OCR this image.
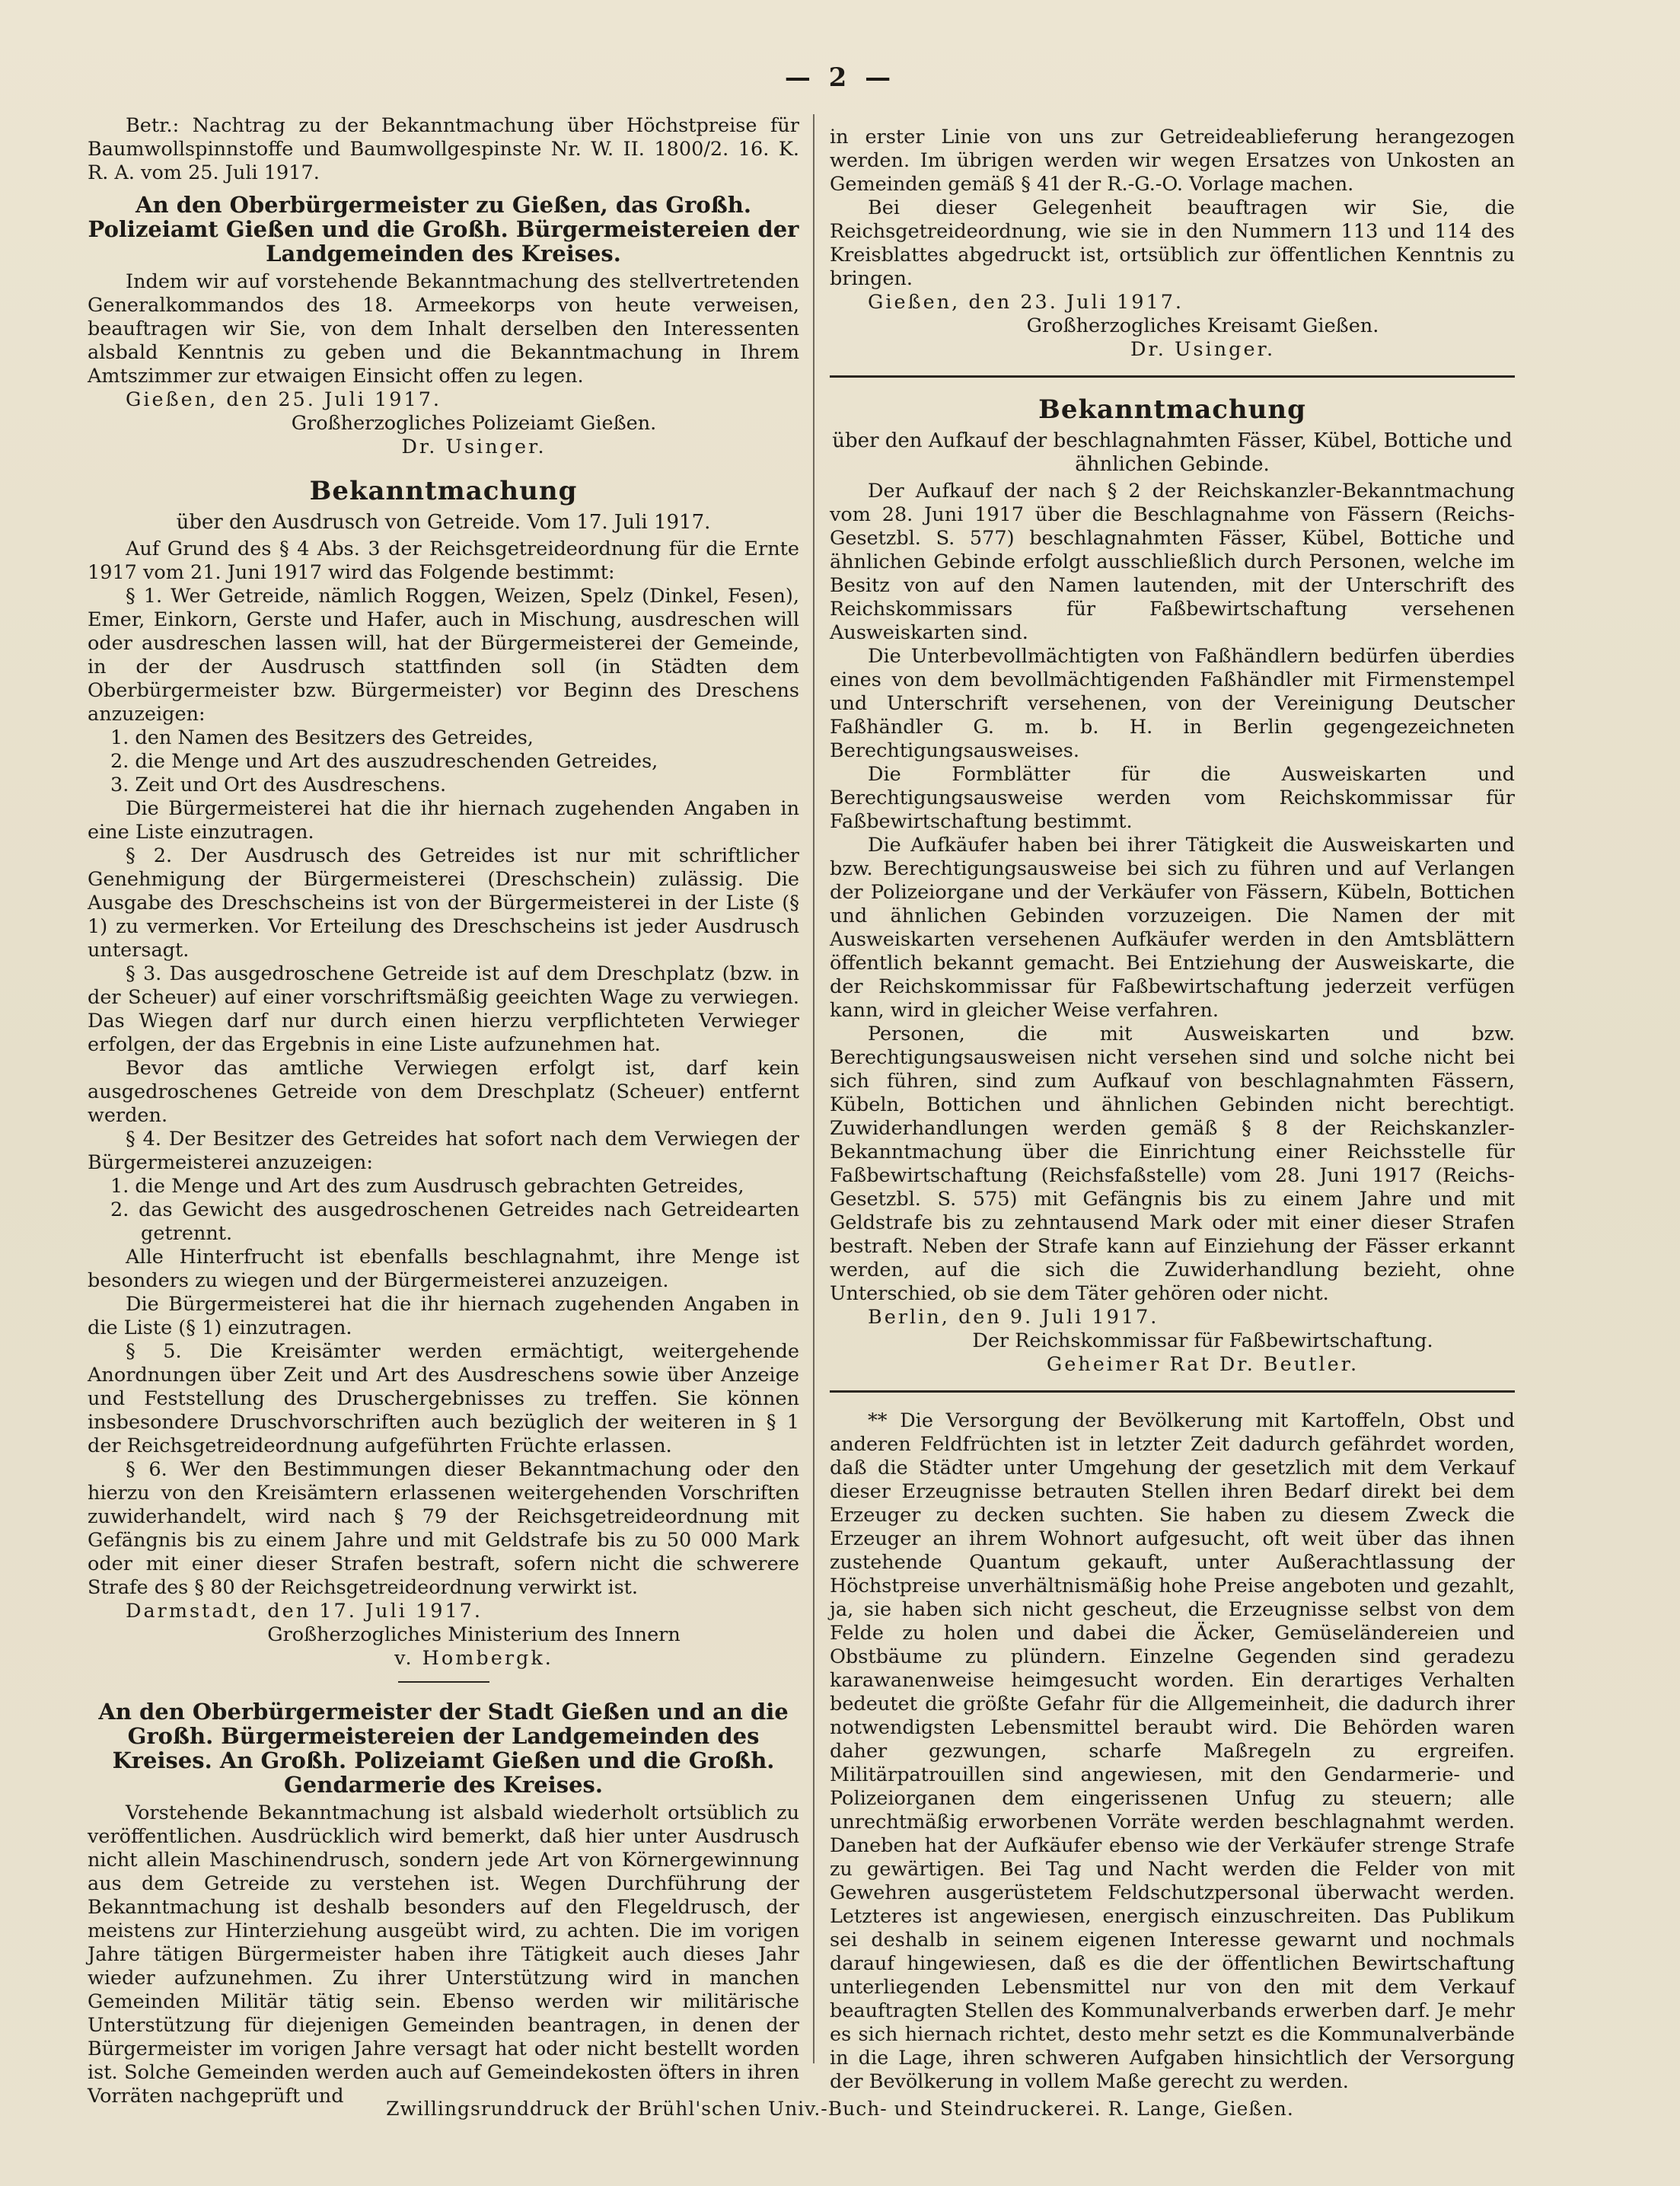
— 2 —

Betr.: Nachtrag zu der Bekanntmachung über Höchstpreise für Baumwollspinnstoffe und Baumwollgespinste Nr. W. II. 1800/2. 16. K. R. A. vom 25. Juli 1917.

An den Oberbürgermeister zu Gießen, das Großh. Polizeiamt Gießen und die Großh. Bürgermeistereien der Landgemeinden des Kreises.

Indem wir auf vorstehende Bekanntmachung des stellvertretenden Generalkommandos des 18. Armeekorps von heute verweisen, beauftragen wir Sie, von dem Inhalt derselben den Interessenten alsbald Kenntnis zu geben und die Bekanntmachung in Ihrem Amtszimmer zur etwaigen Einsicht offen zu legen.

Gießen, den 25. Juli 1917.

Großherzogliches Polizeiamt Gießen.

Dr. Usinger.

Bekanntmachung

über den Ausdrusch von Getreide. Vom 17. Juli 1917.

Auf Grund des § 4 Abs. 3 der Reichsgetreideordnung für die Ernte 1917 vom 21. Juni 1917 wird das Folgende bestimmt:

§ 1. Wer Getreide, nämlich Roggen, Weizen, Spelz (Dinkel, Fesen), Emer, Einkorn, Gerste und Hafer, auch in Mischung, ausdreschen will oder ausdreschen lassen will, hat der Bürgermeisterei der Gemeinde, in der der Ausdrusch stattfinden soll (in Städten dem Oberbürgermeister bzw. Bürgermeister) vor Beginn des Dreschens anzuzeigen:

1. den Namen des Besitzers des Getreides,

2. die Menge und Art des auszudreschenden Getreides,

3. Zeit und Ort des Ausdreschens.

Die Bürgermeisterei hat die ihr hiernach zugehenden Angaben in eine Liste einzutragen.

§ 2. Der Ausdrusch des Getreides ist nur mit schriftlicher Genehmigung der Bürgermeisterei (Dreschschein) zulässig. Die Ausgabe des Dreschscheins ist von der Bürgermeisterei in der Liste (§ 1) zu vermerken. Vor Erteilung des Dreschscheins ist jeder Ausdrusch untersagt.

§ 3. Das ausgedroschene Getreide ist auf dem Dreschplatz (bzw. in der Scheuer) auf einer vorschriftsmäßig geeichten Wage zu verwiegen. Das Wiegen darf nur durch einen hierzu verpflichteten Verwieger erfolgen, der das Ergebnis in eine Liste aufzunehmen hat.

Bevor das amtliche Verwiegen erfolgt ist, darf kein ausgedroschenes Getreide von dem Dreschplatz (Scheuer) entfernt werden.

§ 4. Der Besitzer des Getreides hat sofort nach dem Verwiegen der Bürgermeisterei anzuzeigen:

1. die Menge und Art des zum Ausdrusch gebrachten Getreides,

2. das Gewicht des ausgedroschenen Getreides nach Getreidearten getrennt.

Alle Hinterfrucht ist ebenfalls beschlagnahmt, ihre Menge ist besonders zu wiegen und der Bürgermeisterei anzuzeigen.

Die Bürgermeisterei hat die ihr hiernach zugehenden Angaben in die Liste (§ 1) einzutragen.

§ 5. Die Kreisämter werden ermächtigt, weitergehende Anordnungen über Zeit und Art des Ausdreschens sowie über Anzeige und Feststellung des Druschergebnisses zu treffen. Sie können insbesondere Druschvorschriften auch bezüglich der weiteren in § 1 der Reichsgetreideordnung aufgeführten Früchte erlassen.

§ 6. Wer den Bestimmungen dieser Bekanntmachung oder den hierzu von den Kreisämtern erlassenen weitergehenden Vorschriften zuwiderhandelt, wird nach § 79 der Reichsgetreideordnung mit Gefängnis bis zu einem Jahre und mit Geldstrafe bis zu 50 000 Mark oder mit einer dieser Strafen bestraft, sofern nicht die schwerere Strafe des § 80 der Reichsgetreideordnung verwirkt ist.

Darmstadt, den 17. Juli 1917.

Großherzogliches Ministerium des Innern

v. Hombergk.

An den Oberbürgermeister der Stadt Gießen und an die Großh. Bürgermeistereien der Landgemeinden des Kreises. An Großh. Polizeiamt Gießen und die Großh. Gendarmerie des Kreises.

Vorstehende Bekanntmachung ist alsbald wiederholt ortsüblich zu veröffentlichen. Ausdrücklich wird bemerkt, daß hier unter Ausdrusch nicht allein Maschinendrusch, sondern jede Art von Körnergewinnung aus dem Getreide zu verstehen ist. Wegen Durchführung der Bekanntmachung ist deshalb besonders auf den Flegeldrusch, der meistens zur Hinterziehung ausgeübt wird, zu achten. Die im vorigen Jahre tätigen Bürgermeister haben ihre Tätigkeit auch dieses Jahr wieder aufzunehmen. Zu ihrer Unterstützung wird in manchen Gemeinden Militär tätig sein. Ebenso werden wir militärische Unterstützung für diejenigen Gemeinden beantragen, in denen der Bürgermeister im vorigen Jahre versagt hat oder nicht bestellt worden ist. Solche Gemeinden werden auch auf Gemeindekosten öfters in ihren Vorräten nachgeprüft und

in erster Linie von uns zur Getreideablieferung herangezogen werden. Im übrigen werden wir wegen Ersatzes von Unkosten an Gemeinden gemäß § 41 der R.-G.-O. Vorlage machen.

Bei dieser Gelegenheit beauftragen wir Sie, die Reichsgetreideordnung, wie sie in den Nummern 113 und 114 des Kreisblattes abgedruckt ist, ortsüblich zur öffentlichen Kenntnis zu bringen.

Gießen, den 23. Juli 1917.

Großherzogliches Kreisamt Gießen.

Dr. Usinger.

Bekanntmachung

über den Aufkauf der beschlagnahmten Fässer, Kübel, Bottiche und ähnlichen Gebinde.

Der Aufkauf der nach § 2 der Reichskanzler-Bekanntmachung vom 28. Juni 1917 über die Beschlagnahme von Fässern (Reichs-Gesetzbl. S. 577) beschlagnahmten Fässer, Kübel, Bottiche und ähnlichen Gebinde erfolgt ausschließlich durch Personen, welche im Besitz von auf den Namen lautenden, mit der Unterschrift des Reichskommissars für Faßbewirtschaftung versehenen Ausweiskarten sind.

Die Unterbevollmächtigten von Faßhändlern bedürfen überdies eines von dem bevollmächtigenden Faßhändler mit Firmenstempel und Unterschrift versehenen, von der Vereinigung Deutscher Faßhändler G. m. b. H. in Berlin gegengezeichneten Berechtigungsausweises.

Die Formblätter für die Ausweiskarten und Berechtigungsausweise werden vom Reichskommissar für Faßbewirtschaftung bestimmt.

Die Aufkäufer haben bei ihrer Tätigkeit die Ausweiskarten und bzw. Berechtigungsausweise bei sich zu führen und auf Verlangen der Polizeiorgane und der Verkäufer von Fässern, Kübeln, Bottichen und ähnlichen Gebinden vorzuzeigen. Die Namen der mit Ausweiskarten versehenen Aufkäufer werden in den Amtsblättern öffentlich bekannt gemacht. Bei Entziehung der Ausweiskarte, die der Reichskommissar für Faßbewirtschaftung jederzeit verfügen kann, wird in gleicher Weise verfahren.

Personen, die mit Ausweiskarten und bzw. Berechtigungsausweisen nicht versehen sind und solche nicht bei sich führen, sind zum Aufkauf von beschlagnahmten Fässern, Kübeln, Bottichen und ähnlichen Gebinden nicht berechtigt. Zuwiderhandlungen werden gemäß § 8 der Reichskanzler-Bekanntmachung über die Einrichtung einer Reichsstelle für Faßbewirtschaftung (Reichsfaßstelle) vom 28. Juni 1917 (Reichs-Gesetzbl. S. 575) mit Gefängnis bis zu einem Jahre und mit Geldstrafe bis zu zehntausend Mark oder mit einer dieser Strafen bestraft. Neben der Strafe kann auf Einziehung der Fässer erkannt werden, auf die sich die Zuwiderhandlung bezieht, ohne Unterschied, ob sie dem Täter gehören oder nicht.

Berlin, den 9. Juli 1917.

Der Reichskommissar für Faßbewirtschaftung.

Geheimer Rat Dr. Beutler.

** Die Versorgung der Bevölkerung mit Kartoffeln, Obst und anderen Feldfrüchten ist in letzter Zeit dadurch gefährdet worden, daß die Städter unter Umgehung der gesetzlich mit dem Verkauf dieser Erzeugnisse betrauten Stellen ihren Bedarf direkt bei dem Erzeuger zu decken suchten. Sie haben zu diesem Zweck die Erzeuger an ihrem Wohnort aufgesucht, oft weit über das ihnen zustehende Quantum gekauft, unter Außerachtlassung der Höchstpreise unverhältnismäßig hohe Preise angeboten und gezahlt, ja, sie haben sich nicht gescheut, die Erzeugnisse selbst von dem Felde zu holen und dabei die Äcker, Gemüseländereien und Obstbäume zu plündern. Einzelne Gegenden sind geradezu karawanenweise heimgesucht worden. Ein derartiges Verhalten bedeutet die größte Gefahr für die Allgemeinheit, die dadurch ihrer notwendigsten Lebensmittel beraubt wird. Die Behörden waren daher gezwungen, scharfe Maßregeln zu ergreifen. Militärpatrouillen sind angewiesen, mit den Gendarmerie- und Polizeiorganen dem eingerissenen Unfug zu steuern; alle unrechtmäßig erworbenen Vorräte werden beschlagnahmt werden. Daneben hat der Aufkäufer ebenso wie der Verkäufer strenge Strafe zu gewärtigen. Bei Tag und Nacht werden die Felder von mit Gewehren ausgerüstetem Feldschutzpersonal überwacht werden. Letzteres ist angewiesen, energisch einzuschreiten. Das Publikum sei deshalb in seinem eigenen Interesse gewarnt und nochmals darauf hingewiesen, daß es die der öffentlichen Bewirtschaftung unterliegenden Lebensmittel nur von den mit dem Verkauf beauftragten Stellen des Kommunalverbands erwerben darf. Je mehr es sich hiernach richtet, desto mehr setzt es die Kommunalverbände in die Lage, ihren schweren Aufgaben hinsichtlich der Versorgung der Bevölkerung in vollem Maße gerecht zu werden.

Zwillingsrunddruck der Brühl'schen Univ.-Buch- und Steindruckerei. R. Lange, Gießen.
